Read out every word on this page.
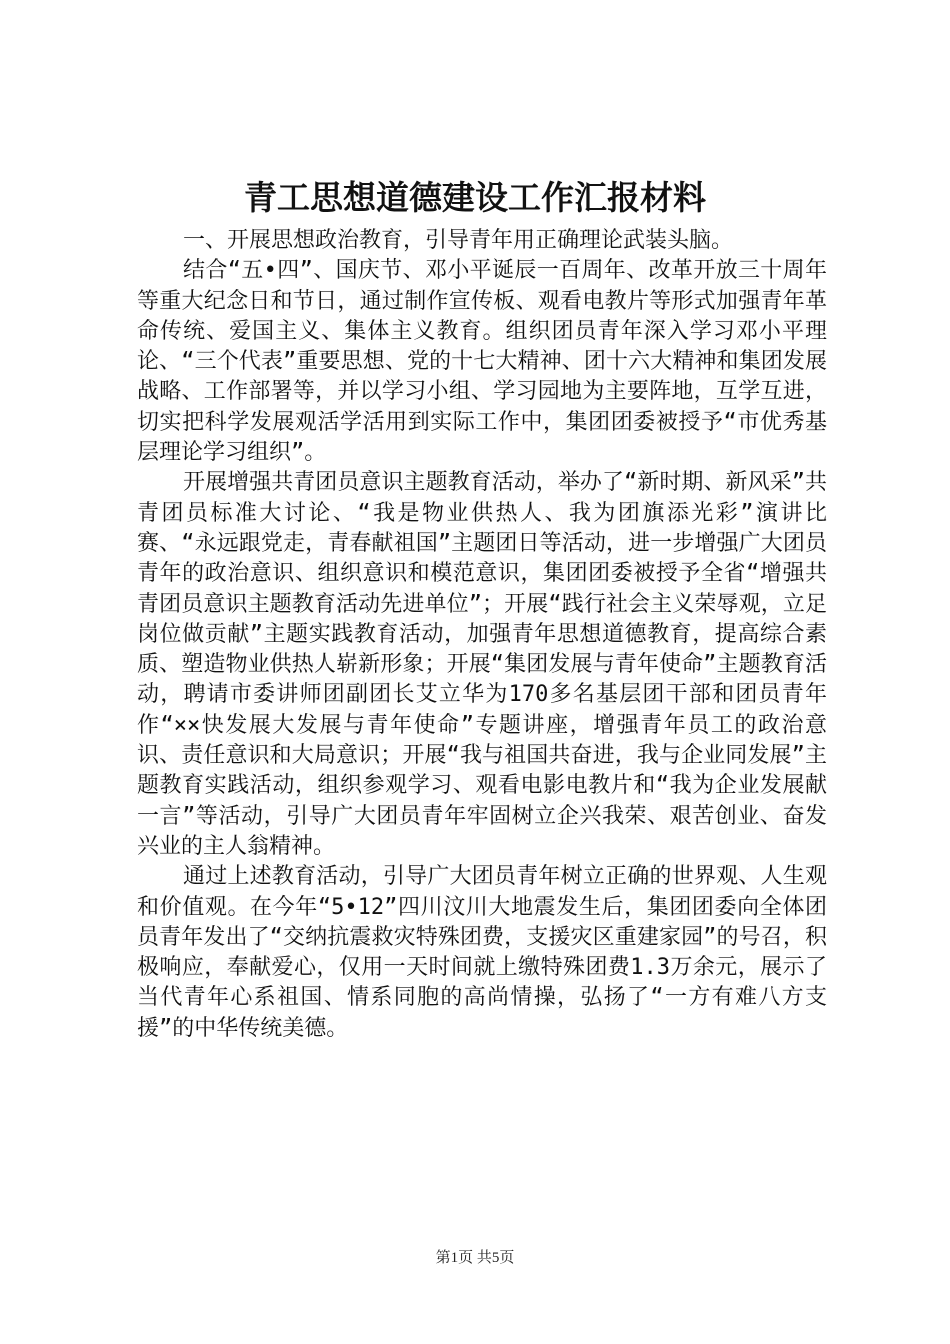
青工思想道德建设工作汇报材料

一、开展思想政治教育，引导青年用正确理论武装头脑。

结合“五•四”、国庆节、邓小平诞辰一百周年、改革开放三十周年等重大纪念日和节日，通过制作宣传板、观看电教片等形式加强青年革命传统、爱国主义、集体主义教育。组织团员青年深入学习邓小平理论、“三个代表”重要思想、党的十七大精神、团十六大精神和集团发展战略、工作部署等，并以学习小组、学习园地为主要阵地，互学互进，切实把科学发展观活学活用到实际工作中，集团团委被授予“市优秀基层理论学习组织”。

开展增强共青团员意识主题教育活动，举办了“新时期、新风采”共青团员标准大讨论、“我是物业供热人、我为团旗添光彩”演讲比赛、“永远跟党走，青春献祖国”主题团日等活动，进一步增强广大团员青年的政治意识、组织意识和模范意识，集团团委被授予全省“增强共青团员意识主题教育活动先进单位”；开展“践行社会主义荣辱观，立足岗位做贡献”主题实践教育活动，加强青年思想道德教育，提高综合素质、塑造物业供热人崭新形象；开展“集团发展与青年使命”主题教育活动，聘请市委讲师团副团长艾立华为170多名基层团干部和团员青年作“××快发展大发展与青年使命”专题讲座，增强青年员工的政治意识、责任意识和大局意识；开展“我与祖国共奋进，我与企业同发展”主题教育实践活动，组织参观学习、观看电影电教片和“我为企业发展献一言”等活动，引导广大团员青年牢固树立企兴我荣、艰苦创业、奋发兴业的主人翁精神。

通过上述教育活动，引导广大团员青年树立正确的世界观、人生观和价值观。在今年“5•12”四川汶川大地震发生后，集团团委向全体团员青年发出了“交纳抗震救灾特殊团费，支援灾区重建家园”的号召，积极响应，奉献爱心，仅用一天时间就上缴特殊团费1.3万余元，展示了当代青年心系祖国、情系同胞的高尚情操，弘扬了“一方有难八方支援”的中华传统美德。

第1页 共5页
